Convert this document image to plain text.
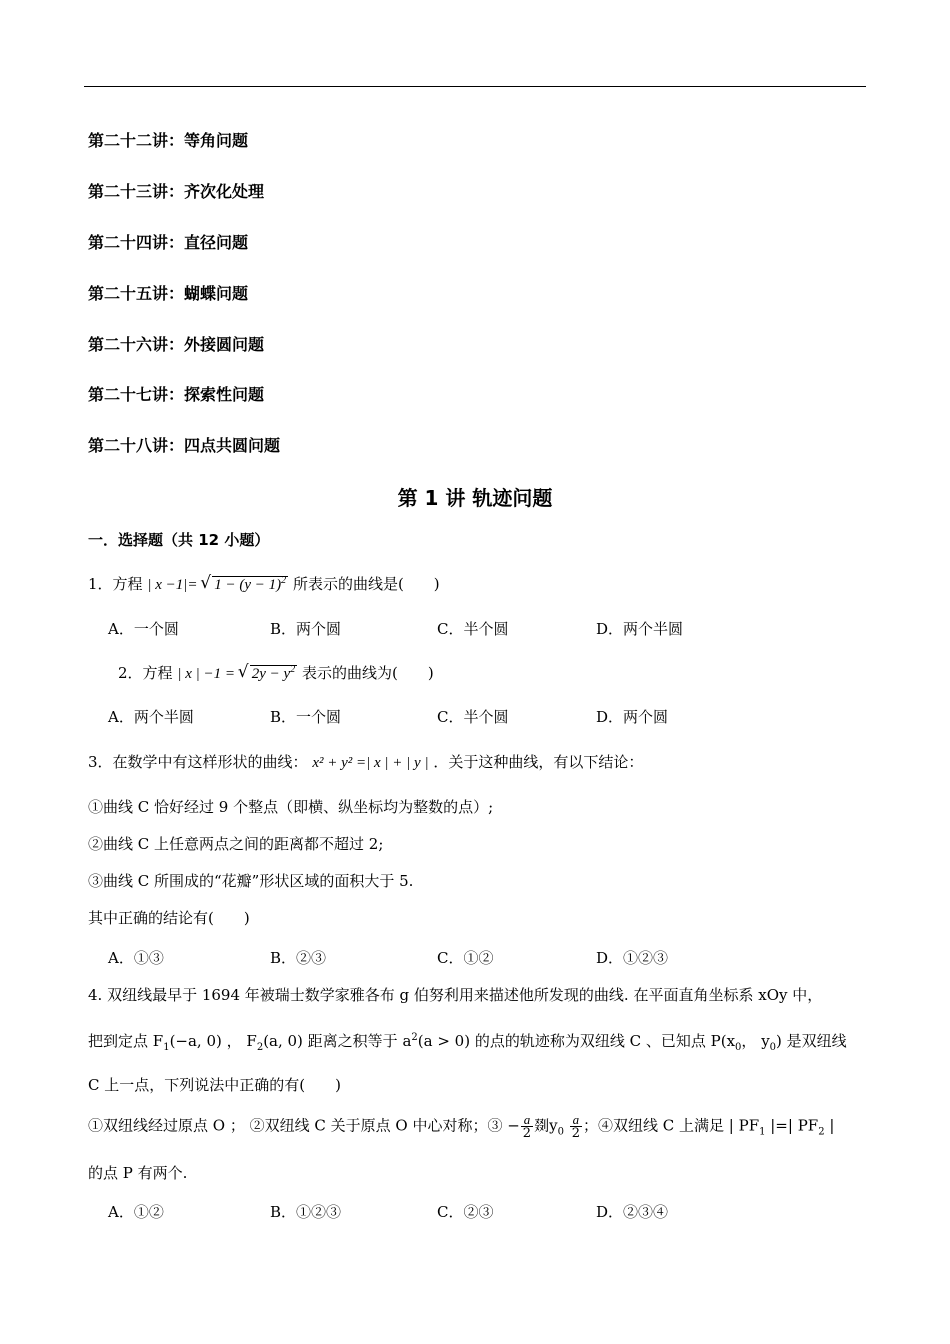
第二十二讲：等角问题
第二十三讲：齐次化处理
第二十四讲：直径问题
第二十五讲：蝴蝶问题
第二十六讲：外接圆问题
第二十七讲：探索性问题
第二十八讲：四点共圆问题
第 1 讲 轨迹问题
一．选择题（共 12 小题）
1．方程 | x −1|= √ $1 - (y - 1)^2$ 所表示的曲线是(　　)
A．一个圆	B．两个圆	C．半个圆	D．两个半圆
2．方程 | x | −1 = √ $2y - y^2$ 表示的曲线为(　　)
A．两个半圆	B．一个圆	C．半个圆	D．两个圆
3．在数学中有这样形状的曲线： x² + y² =| x | + | y | ．关于这种曲线，有以下结论：
①曲线 C 恰好经过 9 个整点（即横、纵坐标均为整数的点）;
②曲线 C 上任意两点之间的距离都不超过 2;
③曲线 C 所围成的“花瓣”形状区域的面积大于 5.
其中正确的结论有(　　)
A．①③	B．②③	C．①②	D．①②③
4. 双纽线最早于 1694 年被瑞士数学家雅各布 g 伯努利用来描述他所发现的曲线. 在平面直角坐标系 xOy 中，
把到定点 $F_1(-a$, 0) ， $F_2(a$, 0) 距离之积等于 $a^2(a > 0)$ 的点的轨迹称为双纽线 C 、已知点 $P(x_0$， $y_0$) 是双纽线
C 上一点，下列说法中正确的有(　　)
①双纽线经过原点 O ； ②双纽线 C 关于原点 O 中心对称；③ − $\frac{a}{2}$ 剟$y_0 \frac{a}{2}$ ；④双纽线 C 上满足 | $PF_1$ |=| $PF_2$ |
的点 P 有两个.
A．①②	B．①②③	C．②③	D．②③④
